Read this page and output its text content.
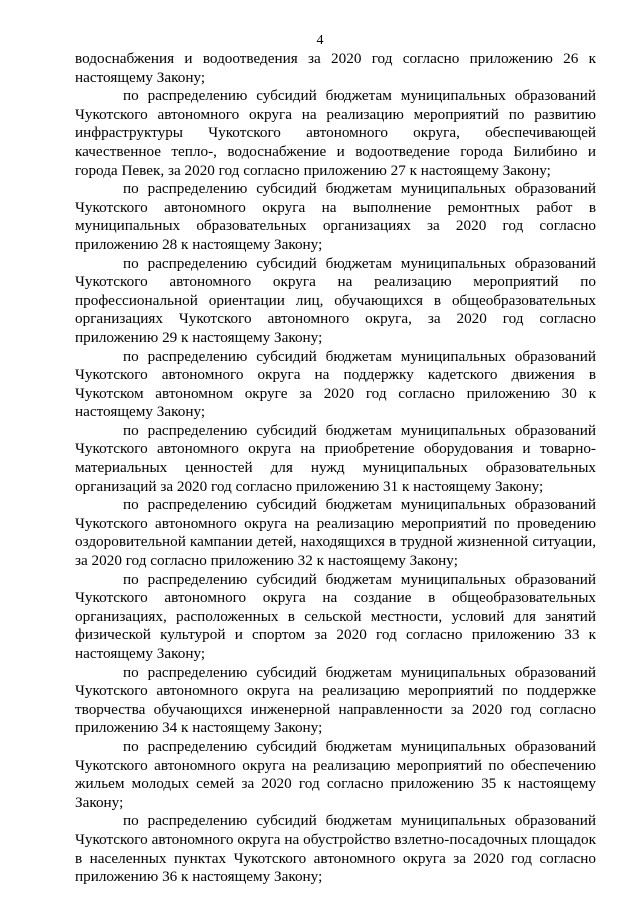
4

водоснабжения и водоотведения за 2020 год согласно приложению 26 к настоящему Закону;

по распределению субсидий бюджетам муниципальных образований Чукотского автономного округа на реализацию мероприятий по развитию инфраструктуры Чукотского автономного округа, обеспечивающей качественное тепло-, водоснабжение и водоотведение города Билибино и города Певек, за 2020 год согласно приложению 27 к настоящему Закону;

по распределению субсидий бюджетам муниципальных образований Чукотского автономного округа на выполнение ремонтных работ в муниципальных образовательных организациях за 2020 год согласно приложению 28 к настоящему Закону;

по распределению субсидий бюджетам муниципальных образований Чукотского автономного округа на реализацию мероприятий по профессиональной ориентации лиц, обучающихся в общеобразовательных организациях Чукотского автономного округа, за 2020 год согласно приложению 29 к настоящему Закону;

по распределению субсидий бюджетам муниципальных образований Чукотского автономного округа на поддержку кадетского движения в Чукотском автономном округе за 2020 год согласно приложению 30 к настоящему Закону;

по распределению субсидий бюджетам муниципальных образований Чукотского автономного округа на приобретение оборудования и товарно-материальных ценностей для нужд муниципальных образовательных организаций за 2020 год согласно приложению 31 к настоящему Закону;

по распределению субсидий бюджетам муниципальных образований Чукотского автономного округа на реализацию мероприятий по проведению оздоровительной кампании детей, находящихся в трудной жизненной ситуации, за 2020 год согласно приложению 32 к настоящему Закону;

по распределению субсидий бюджетам муниципальных образований Чукотского автономного округа на создание в общеобразовательных организациях, расположенных в сельской местности, условий для занятий физической культурой и спортом за 2020 год согласно приложению 33 к настоящему Закону;

по распределению субсидий бюджетам муниципальных образований Чукотского автономного округа на реализацию мероприятий по поддержке творчества обучающихся инженерной направленности за 2020 год согласно приложению 34 к настоящему Закону;

по распределению субсидий бюджетам муниципальных образований Чукотского автономного округа на реализацию мероприятий по обеспечению жильем молодых семей за 2020 год согласно приложению 35 к настоящему Закону;

по распределению субсидий бюджетам муниципальных образований Чукотского автономного округа на обустройство взлетно-посадочных площадок в населенных пунктах Чукотского автономного округа за 2020 год согласно приложению 36 к настоящему Закону;
